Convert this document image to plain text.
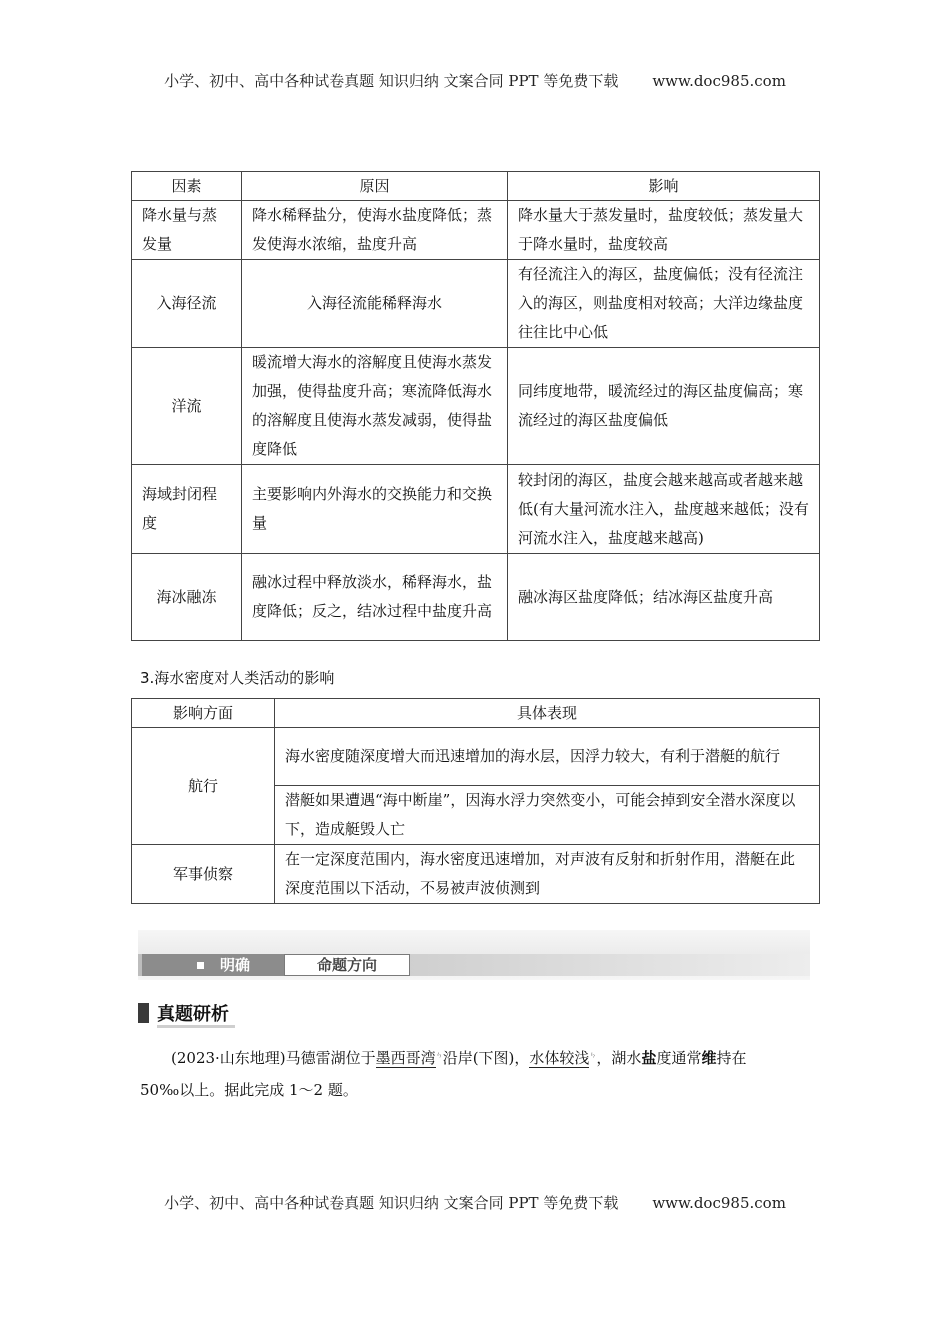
小学、初中、高中各种试卷真题 知识归纳 文案合同 PPT 等免费下载 www.doc985.com
因素	原因	影响
降水量与蒸发量	降水稀释盐分，使海水盐度降低；蒸发使海水浓缩，盐度升高	降水量大于蒸发量时，盐度较低；蒸发量大于降水量时，盐度较高
入海径流	入海径流能稀释海水	有径流注入的海区，盐度偏低；没有径流注入的海区，则盐度相对较高；大洋边缘盐度往往比中心低
洋流	暖流增大海水的溶解度且使海水蒸发加强，使得盐度升高；寒流降低海水的溶解度且使海水蒸发减弱，使得盐度降低	同纬度地带，暖流经过的海区盐度偏高；寒流经过的海区盐度偏低
海域封闭程度	主要影响内外海水的交换能力和交换量	较封闭的海区，盐度会越来越高或者越来越低(有大量河流水注入，盐度越来越低；没有河流水注入，盐度越来越高)
海冰融冻	融冰过程中释放淡水，稀释海水，盐度降低；反之，结冰过程中盐度升高	融冰海区盐度降低；结冰海区盐度升高
3.海水密度对人类活动的影响
影响方面	具体表现
航行	海水密度随深度增大而迅速增加的海水层，因浮力较大，有利于潜艇的航行
	潜艇如果遭遇“海中断崖”，因海水浮力突然变小，可能会掉到安全潜水深度以下，造成艇毁人亡
军事侦察	在一定深度范围内，海水密度迅速增加，对声波有反射和折射作用，潜艇在此深度范围以下活动，不易被声波侦测到
明确	命题方向
真题研析

(2023·山东地理)马德雷湖位于墨西哥湾$^ㄣ$沿岸(下图)，水体较浅$^ㄣ$，湖水盐度通常维持在

50‰以上。据此完成 1～2 题。

小学、初中、高中各种试卷真题 知识归纳 文案合同 PPT 等免费下载 www.doc985.com
